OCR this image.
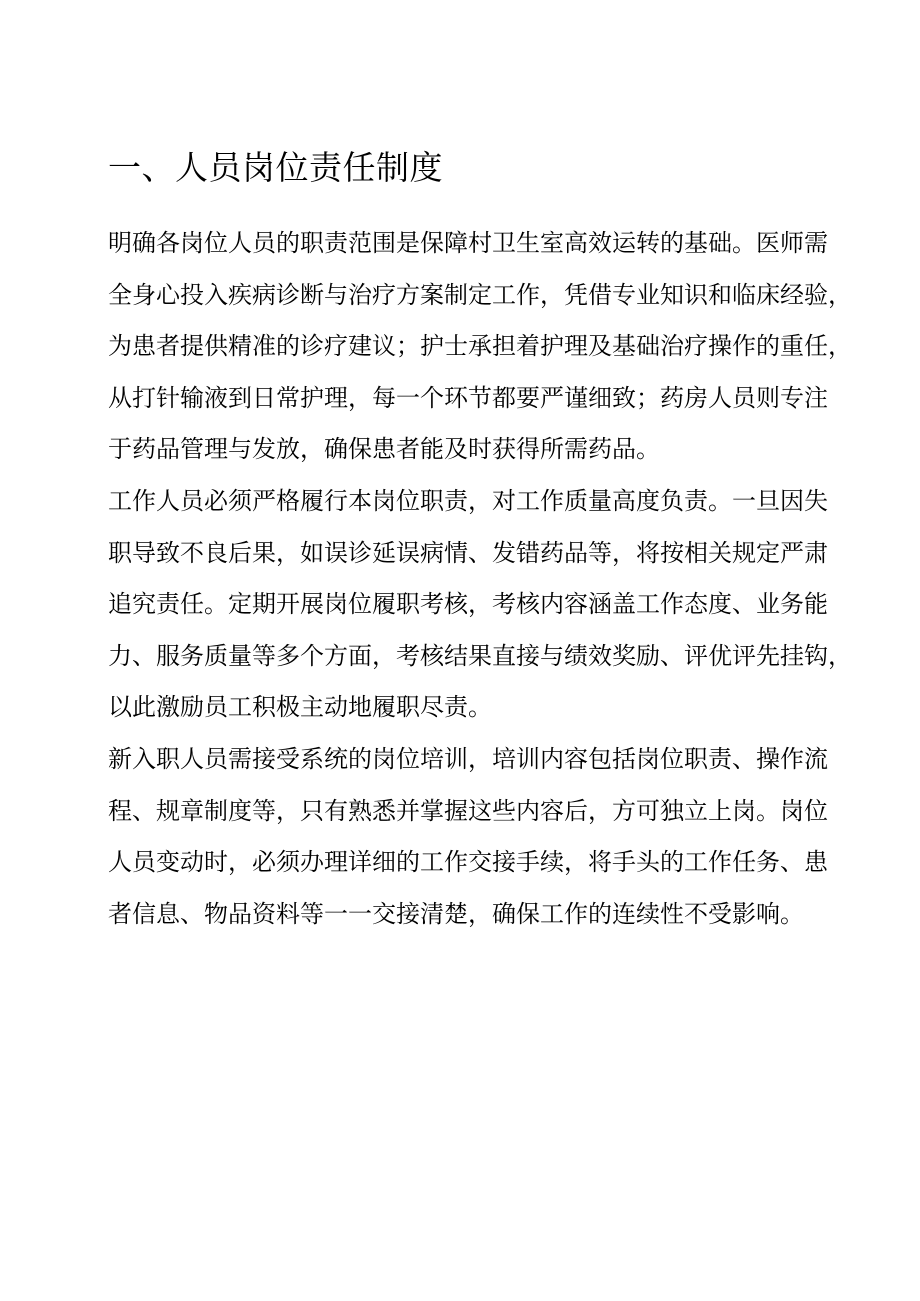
一、人员岗位责任制度
明确各岗位人员的职责范围是保障村卫生室高效运转的基础。医师需
全身心投入疾病诊断与治疗方案制定工作，凭借专业知识和临床经验，
为患者提供精准的诊疗建议；护士承担着护理及基础治疗操作的重任，
从打针输液到日常护理，每一个环节都要严谨细致；药房人员则专注
于药品管理与发放，确保患者能及时获得所需药品。
工作人员必须严格履行本岗位职责，对工作质量高度负责。一旦因失
职导致不良后果，如误诊延误病情、发错药品等，将按相关规定严肃
追究责任。定期开展岗位履职考核，考核内容涵盖工作态度、业务能
力、服务质量等多个方面，考核结果直接与绩效奖励、评优评先挂钩，
以此激励员工积极主动地履职尽责。
新入职人员需接受系统的岗位培训，培训内容包括岗位职责、操作流
程、规章制度等，只有熟悉并掌握这些内容后，方可独立上岗。岗位
人员变动时，必须办理详细的工作交接手续，将手头的工作任务、患
者信息、物品资料等一一交接清楚，确保工作的连续性不受影响。
